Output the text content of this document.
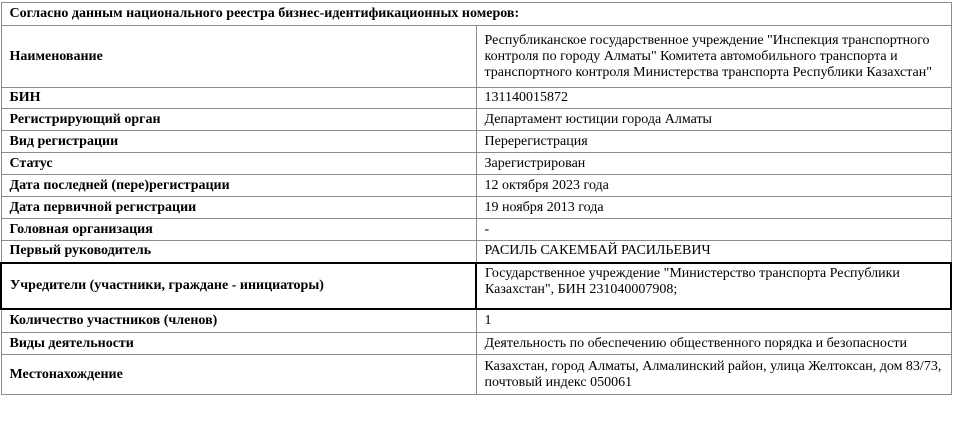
Согласно данным национального реестра бизнес-идентификационных номеров:	
Наименование	Республиканское государственное учреждение "Инспекция транспортного контроля по городу Алматы" Комитета автомобильного транспорта и транспортного контроля Министерства транспорта Республики Казахстан"
БИН	131140015872
Регистрирующий орган	Департамент юстиции города Алматы
Вид регистрации	Перерегистрация
Статус	Зарегистрирован
Дата последней (пере)регистрации	12 октября 2023 года
Дата первичной регистрации	19 ноября 2013 года
Головная организация	-
Первый руководитель	РАСИЛЬ САКЕМБАЙ РАСИЛЬЕВИЧ
Учредители (участники, граждане - инициаторы)	Государственное учреждение "Министерство транспорта Республики Казахстан", БИН 231040007908;
Количество участников (членов)	1
Виды деятельности	Деятельность по обеспечению общественного порядка и безопасности
Местонахождение	Казахстан, город Алматы, Алмалинский район, улица Желтоксан, дом 83/73, почтовый индекс 050061
